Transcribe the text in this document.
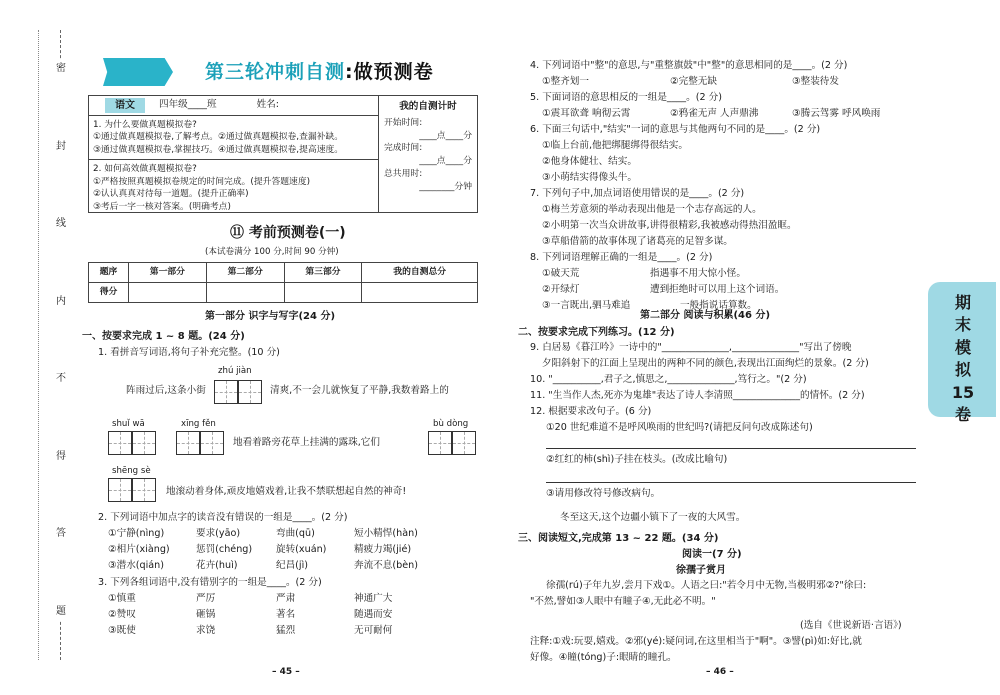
密
封
线
内
不
得
答
题
第三轮冲刺自测:做预测卷
语文	四年级____班	姓名:
1. 为什么要做真题模拟卷?
①通过做真题模拟卷,了解考点。②通过做真题模拟卷,查漏补缺。
③通过做真题模拟卷,掌握技巧。④通过做真题模拟卷,提高速度。
2. 如何高效做真题模拟卷?
①严格按照真题模拟卷规定的时间完成。(提升答题速度)
②认认真真对待每一道题。(提升正确率)
③考后一字一核对答案。(明确考点)
我的自测计时
开始时间:
____点____分
完成时间:
____点____分
总共用时:
________分钟
⑪ 考前预测卷(一)
(本试卷满分 100 分,时间 90 分钟)
题序	第一部分	第二部分	第三部分	我的自测总分
得分				
第一部分 识字与写字(24 分)
一、按要求完成 1 ~ 8 题。(24 分)
1. 看拼音写词语,将句子补充完整。(10 分)
zhú jiàn
阵雨过后,这条小街	清爽,不一会儿就恢复了平静,我数着路上的
shuǐ wā	xīng fěn
地看着路旁花草上挂满的露珠,它们
bù dòng
shēng sè
地滚动着身体,顽皮地嬉戏着,让我不禁联想起自然的神奇!
2. 下列词语中加点字的读音没有错误的一组是____。(2 分)
①宁静(nìng)	要求(yāo)	弯曲(qū)	短小精悍(hàn)
②相片(xiàng)	惩罚(chéng) 旋转(xuán)	精疲力竭(jié)
③潜水(qián)	花卉(huì)	纪昌(jì)	奔流不息(bèn)
3. 下列各组词语中,没有错别字的一组是____。(2 分)
①慎重	严厉	严肃	神通广大
②赞叹	砸锅	著名	随遇而安
③既使	求饶	猛烈	无可耐何
– 45 –
4. 下列词语中"整"的意思,与"重整旗鼓"中"整"的意思相同的是____。(2 分)
①整齐划一	②完整无缺	③整装待发
5. 下面词语的意思相反的一组是____。(2 分)
①震耳欲聋 响彻云霄	②鸦雀无声 人声鼎沸	③腾云驾雾 呼风唤雨
6. 下面三句话中,"结实"一词的意思与其他两句不同的是____。(2 分)
①临上台前,他把绑腿绑得很结实。
②他身体健壮、结实。
③小萌结实得像头牛。
7. 下列句子中,加点词语使用错误的是____。(2 分)
①梅兰芳意须的举动表现出他是一个志存高远的人。
②小明第一次当众讲故事,讲得很精彩,我被感动得热泪盈眶。
③草船借箭的故事体现了诸葛亮的足智多谋。
8. 下列词语理解正确的一组是____。(2 分)
①破天荒	指遇事不用大惊小怪。
②开绿灯	遭到拒绝时可以用上这个词语。
③一言既出,驷马难追	一般指说话算数。
第二部分 阅读与积累(46 分)
二、按要求完成下列练习。(12 分)
9. 白居易《暮江吟》一诗中的"______________,______________"写出了傍晚
夕阳斜射下的江面上呈现出的两种不同的颜色,表现出江面绚烂的景象。(2 分)
10. "__________,君子之,慎思之,______________,笃行之。"(2 分)
11. "生当作人杰,死亦为鬼雄"表达了诗人李清照______________的情怀。(2 分)
12. 根据要求改句子。(6 分)
①20 世纪难道不是呼风唤雨的世纪吗?(请把反问句改成陈述句)
②红红的柿(shì)子挂在枝头。(改成比喻句)
③请用修改符号修改病句。
冬至这天,这个边疆小镇下了一夜的大风雪。
三、阅读短文,完成第 13 ~ 22 题。(34 分)
阅读一(7 分)
徐孺子赏月
徐孺(rú)子年九岁,尝月下戏①。人语之曰:"若令月中无物,当极明邪②?"徐曰:
"不然,譬如③人眼中有瞳子④,无此必不明。"
(选自《世说新语·言语》)
注释:①戏:玩耍,嬉戏。②邪(yé):疑问词,在这里相当于"啊"。③譬(pì)如:好比,就
好像。④瞳(tóng)子:眼睛的瞳孔。
– 46 –
期末模拟15卷
